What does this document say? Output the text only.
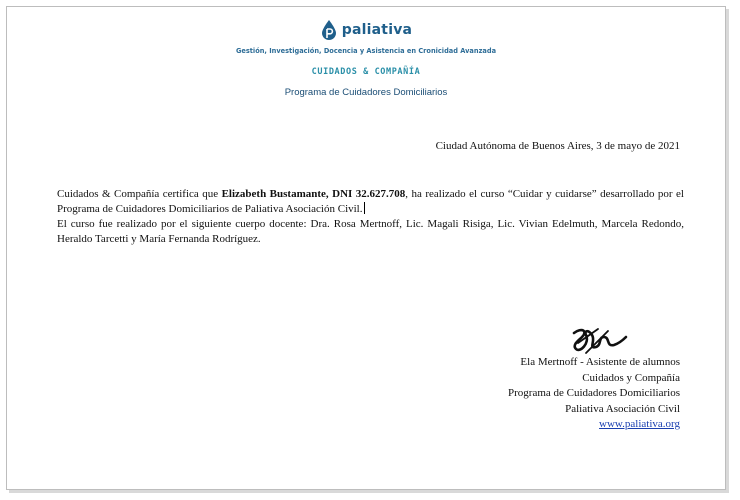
paliativa
Gestión, Investigación, Docencia y Asistencia en Cronicidad Avanzada
CUIDADOS & COMPAÑÍA
Programa de Cuidadores Domiciliarios
Ciudad Autónoma de Buenos Aires, 3 de mayo de 2021

Cuidados & Compañía certifica que Elizabeth Bustamante, DNI 32.627.708, ha realizado el curso “Cuidar y cuidarse” desarrollado por el Programa de Cuidadores Domiciliarios de Paliativa Asociación Civil.

El curso fue realizado por el siguiente cuerpo docente: Dra. Rosa Mertnoff, Lic. Magali Risiga, Lic. Vivian Edelmuth, Marcela Redondo, Heraldo Tarcetti y María Fernanda Rodríguez.

Ela Mertnoff - Asistente de alumnos
Cuidados y Compañía
Programa de Cuidadores Domiciliarios
Paliativa Asociación Civil
www.paliativa.org
